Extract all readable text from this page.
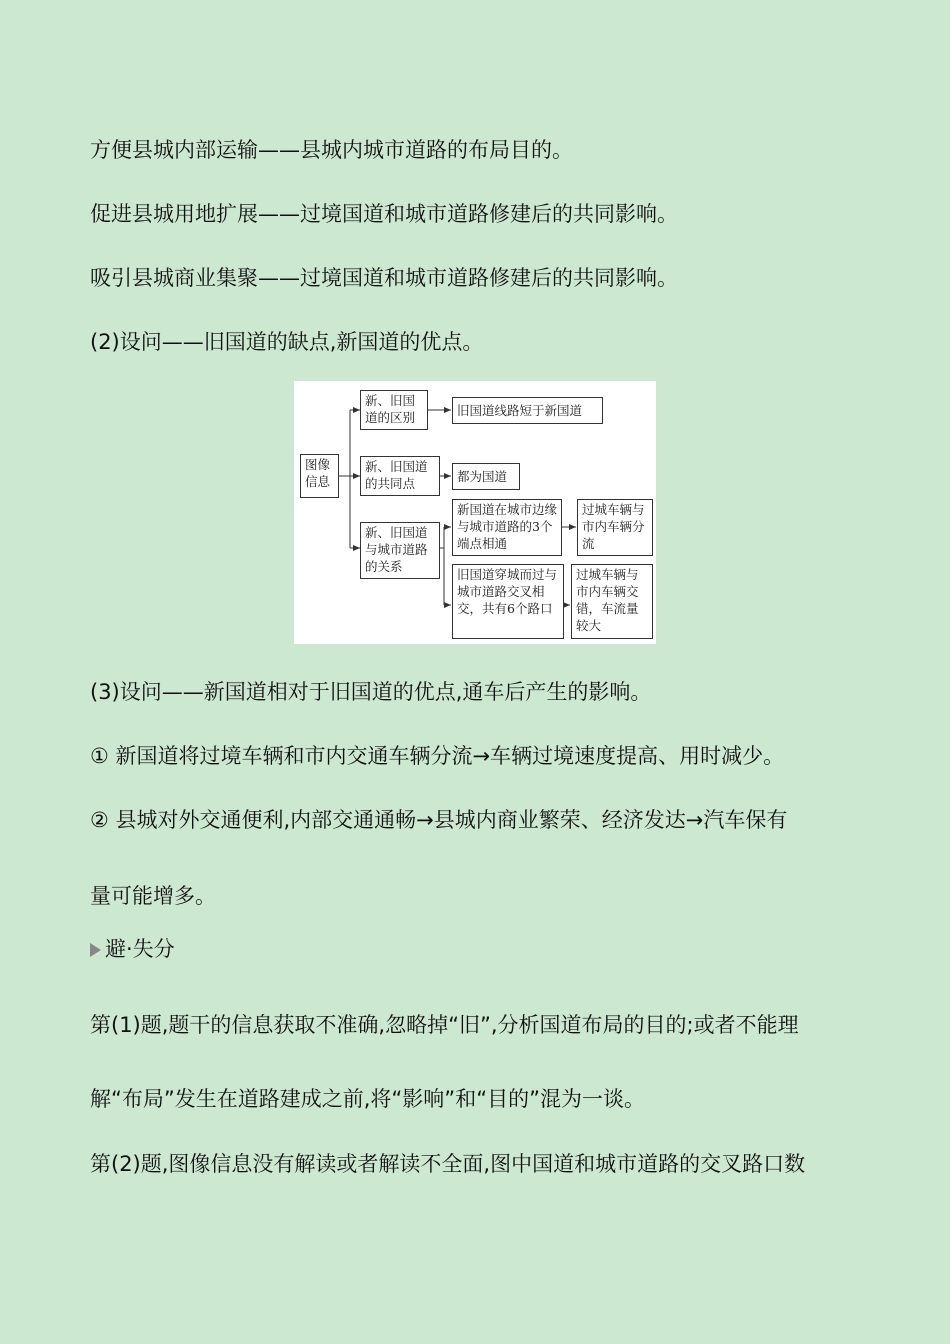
方便县城内部运输——县城内城市道路的布局目的。
促进县城用地扩展——过境国道和城市道路修建后的共同影响。
吸引县城商业集聚——过境国道和城市道路修建后的共同影响。
(2)设问——旧国道的缺点,新国道的优点。
图像信息
新、旧国道的区别	旧国道线路短于新国道
新、旧国道的共同点	都为国道
新、旧国道与城市道路的关系
新国道在城市边缘与城市道路的3个端点相通
过城车辆与市内车辆分流
旧国道穿城而过与城市道路交叉相交，共有6个路口
过城车辆与市内车辆交错，车流量较大
(3)设问——新国道相对于旧国道的优点,通车后产生的影响。
① 新国道将过境车辆和市内交通车辆分流→车辆过境速度提高、用时减少。
② 县城对外交通便利,内部交通通畅→县城内商业繁荣、经济发达→汽车保有
量可能增多。
避·失分
第(1)题,题干的信息获取不准确,忽略掉“旧”,分析国道布局的目的;或者不能理
解“布局”发生在道路建成之前,将“影响”和“目的”混为一谈。
第(2)题,图像信息没有解读或者解读不全面,图中国道和城市道路的交叉路口数
